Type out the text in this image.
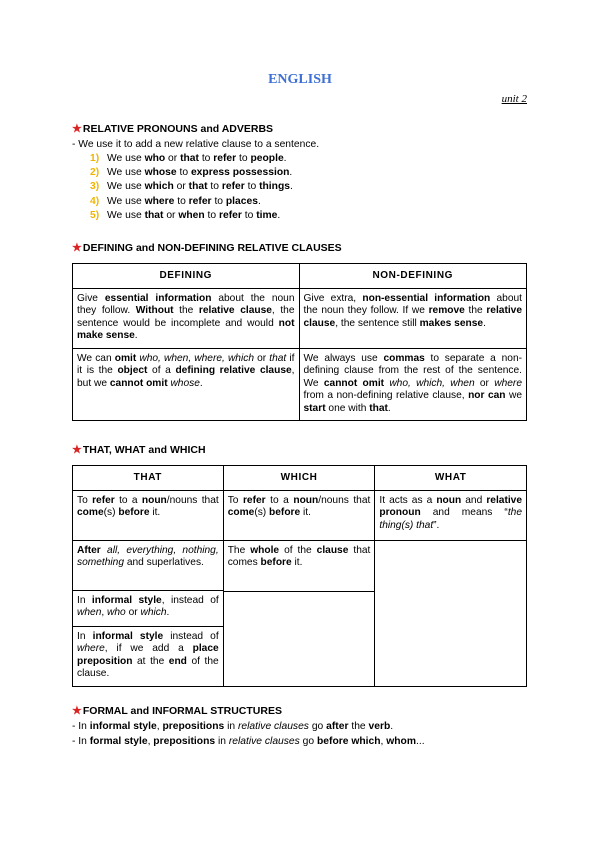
ENGLISH
unit 2
★RELATIVE PRONOUNS and ADVERBS
- We use it to add a new relative clause to a sentence.
1) We use who or that to refer to people.
2) We use whose to express possession.
3) We use which or that to refer to things.
4) We use where to refer to places.
5) We use that or when to refer to time.
★DEFINING and NON-DEFINING RELATIVE CLAUSES
DEFINING	NON-DEFINING
Give essential information about the noun they follow. Without the relative clause, the sentence would be incomplete and would not make sense.	Give extra, non-essential information about the noun they follow. If we remove the relative clause, the sentence still makes sense.
We can omit who, when, where, which or that if it is the object of a defining relative clause, but we cannot omit whose.	We always use commas to separate a non-defining clause from the rest of the sentence. We cannot omit who, which, when or where from a non-defining relative clause, nor can we start one with that.
★THAT, WHAT and WHICH
THAT	WHICH	WHAT
To refer to a noun/nouns that come(s) before it.	To refer to a noun/nouns that come(s) before it.	It acts as a noun and relative pronoun and means “the thing(s) that”.
After all, everything, nothing, something and superlatives.	The whole of the clause that comes before it.	

In informal style, instead of when, who or which.		
In informal style instead of where, if we add a place preposition at the end of the clause.		
★FORMAL and INFORMAL STRUCTURES
- In informal style, prepositions in relative clauses go after the verb.
- In formal style, prepositions in relative clauses go before which, whom...
